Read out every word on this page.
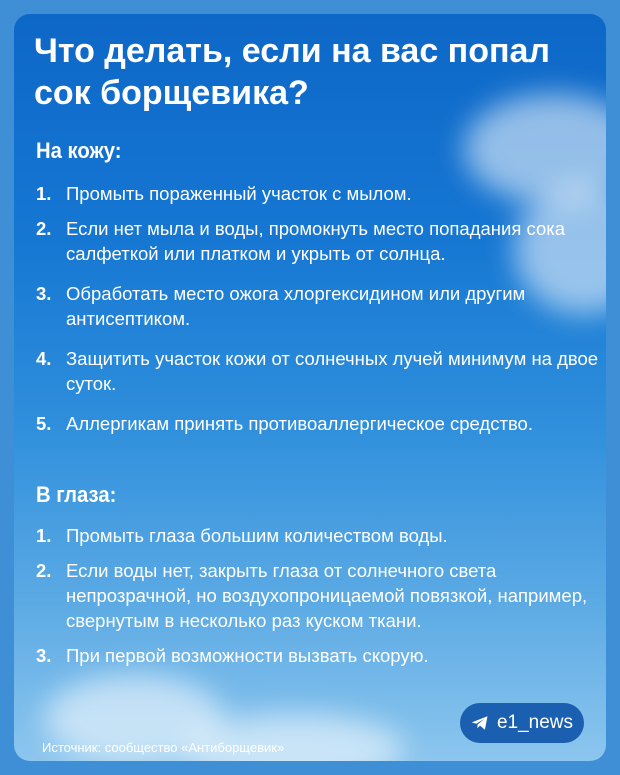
Что делать, если на вас попал сок борщевика?
На кожу:
1. Промыть пораженный участок с мылом.
2. Если нет мыла и воды, промокнуть место попадания сока салфеткой или платком и укрыть от солнца.
3. Обработать место ожога хлоргексидином или другим антисептиком.
4. Защитить участок кожи от солнечных лучей минимум на двое суток.
5. Аллергикам принять противоаллергическое средство.
В глаза:
1. Промыть глаза большим количеством воды.
2. Если воды нет, закрыть глаза от солнечного света непрозрачной, но воздухопроницаемой повязкой, например, свернутым в несколько раз куском ткани.
3. При первой возможности вызвать скорую.
Источник: сообщество «Антиборщевик»
e1_news
